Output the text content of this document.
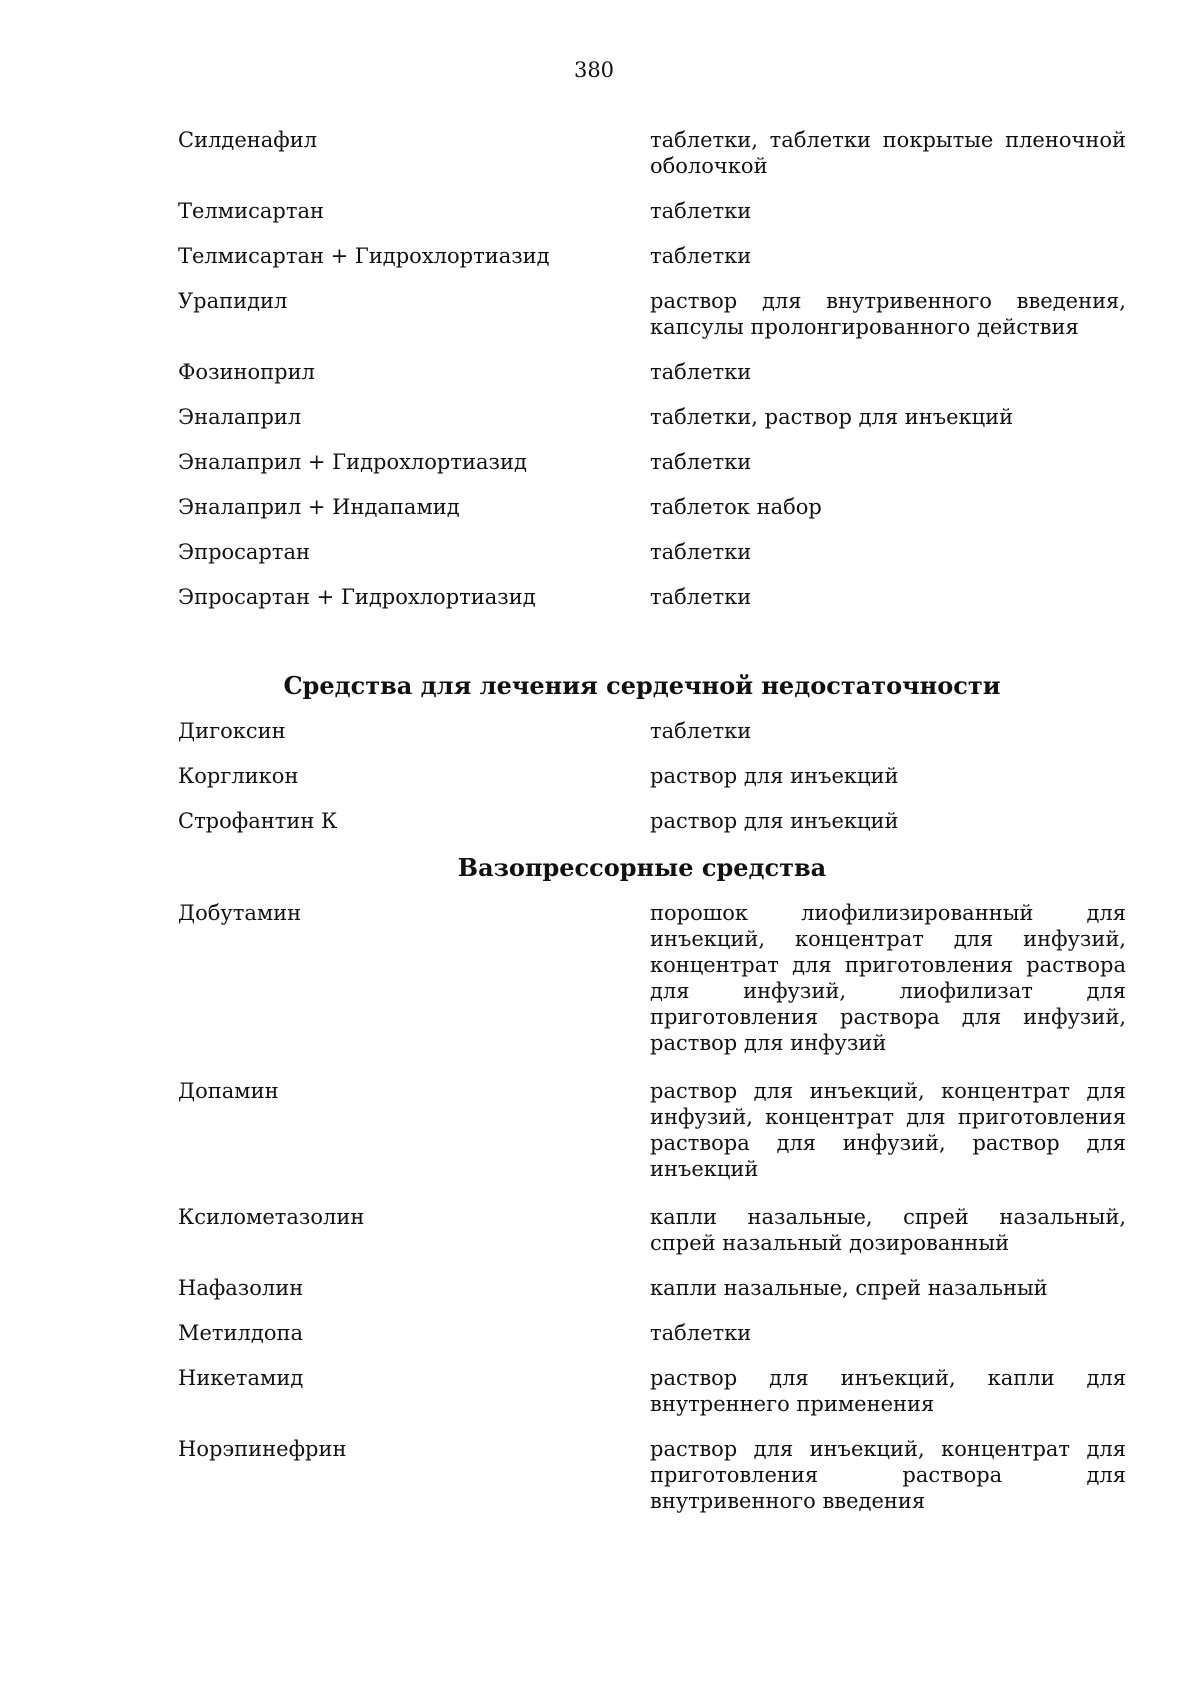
380
Силденафил	таблетки, таблетки покрытые пленочной оболочкой
Телмисартан	таблетки
Телмисартан + Гидрохлортиазид	таблетки
Урапидил	раствор для внутривенного введения, капсулы пролонгированного действия
Фозиноприл	таблетки
Эналаприл	таблетки, раствор для инъекций
Эналаприл + Гидрохлортиазид	таблетки
Эналаприл + Индапамид	таблеток набор
Эпросартан	таблетки
Эпросартан + Гидрохлортиазид	таблетки
Средства для лечения сердечной недостаточности
Дигоксин	таблетки
Коргликон	раствор для инъекций
Строфантин К	раствор для инъекций
Вазопрессорные средства
Добутамин	порошок лиофилизированный для инъекций, концентрат для инфузий, концентрат для приготовления раствора для инфузий, лиофилизат для приготовления раствора для инфузий, раствор для инфузий
Допамин	раствор для инъекций, концентрат для инфузий, концентрат для приготовления раствора для инфузий, раствор для инъекций
Ксилометазолин	капли назальные, спрей назальный, спрей назальный дозированный
Нафазолин	капли назальные, спрей назальный
Метилдопа	таблетки
Никетамид	раствор для инъекций, капли для внутреннего применения
Норэпинефрин	раствор для инъекций, концентрат для приготовления раствора для внутривенного введения
